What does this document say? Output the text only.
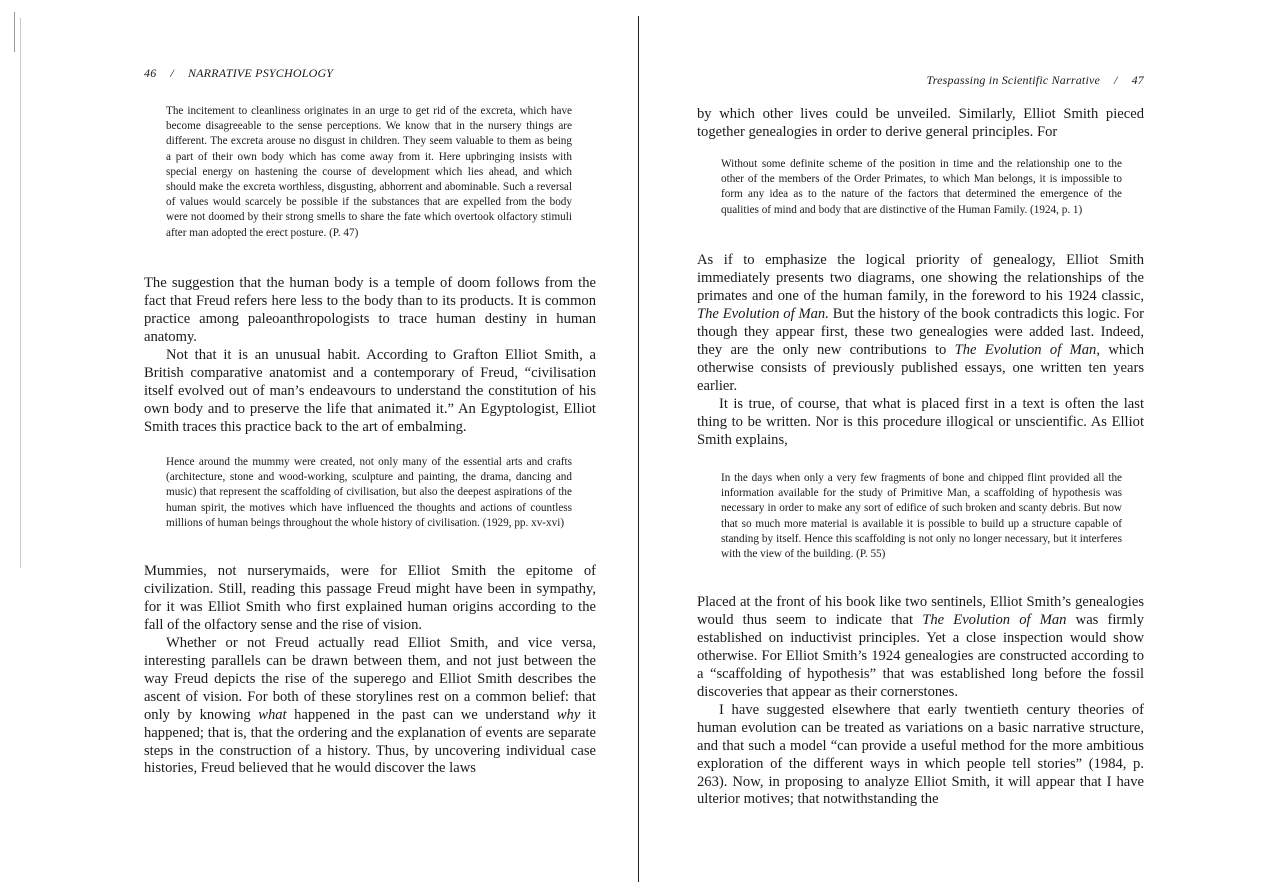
46 / NARRATIVE PSYCHOLOGY

The incitement to cleanliness originates in an urge to get rid of the excreta, which have become disagreeable to the sense perceptions. We know that in the nursery things are different. The excreta arouse no disgust in children. They seem valuable to them as being a part of their own body which has come away from it. Here upbringing insists with special energy on hastening the course of development which lies ahead, and which should make the excreta worthless, disgusting, abhorrent and abominable. Such a reversal of values would scarcely be possible if the substances that are expelled from the body were not doomed by their strong smells to share the fate which overtook olfactory stimuli after man adopted the erect posture. (P. 47)

The suggestion that the human body is a temple of doom follows from the fact that Freud refers here less to the body than to its products. It is common practice among paleoanthropologists to trace human destiny in human anatomy.

Not that it is an unusual habit. According to Grafton Elliot Smith, a British comparative anatomist and a contemporary of Freud, “civilisation itself evolved out of man’s endeavours to understand the constitution of his own body and to preserve the life that animated it.” An Egyptologist, Elliot Smith traces this practice back to the art of embalming.

Hence around the mummy were created, not only many of the essential arts and crafts (architecture, stone and wood-working, sculpture and painting, the drama, dancing and music) that represent the scaffolding of civilisation, but also the deepest aspirations of the human spirit, the motives which have influenced the thoughts and actions of countless millions of human beings throughout the whole history of civilisation. (1929, pp. xv-xvi)

Mummies, not nurserymaids, were for Elliot Smith the epitome of civilization. Still, reading this passage Freud might have been in sympathy, for it was Elliot Smith who first explained human origins according to the fall of the olfactory sense and the rise of vision.

Whether or not Freud actually read Elliot Smith, and vice versa, interesting parallels can be drawn between them, and not just between the way Freud depicts the rise of the superego and Elliot Smith describes the ascent of vision. For both of these storylines rest on a common belief: that only by knowing what happened in the past can we understand why it happened; that is, that the ordering and the explanation of events are separate steps in the construction of a history. Thus, by uncovering individual case histories, Freud believed that he would discover the laws

Trespassing in Scientific Narrative / 47

by which other lives could be unveiled. Similarly, Elliot Smith pieced together genealogies in order to derive general principles. For

Without some definite scheme of the position in time and the relationship one to the other of the members of the Order Primates, to which Man belongs, it is impossible to form any idea as to the nature of the factors that determined the emergence of the qualities of mind and body that are distinctive of the Human Family. (1924, p. 1)

As if to emphasize the logical priority of genealogy, Elliot Smith immediately presents two diagrams, one showing the relationships of the primates and one of the human family, in the foreword to his 1924 classic, The Evolution of Man. But the history of the book contradicts this logic. For though they appear first, these two genealogies were added last. Indeed, they are the only new contributions to The Evolution of Man, which otherwise consists of previously published essays, one written ten years earlier.

It is true, of course, that what is placed first in a text is often the last thing to be written. Nor is this procedure illogical or unscientific. As Elliot Smith explains,

In the days when only a very few fragments of bone and chipped flint provided all the information available for the study of Primitive Man, a scaffolding of hypothesis was necessary in order to make any sort of edifice of such broken and scanty debris. But now that so much more material is available it is possible to build up a structure capable of standing by itself. Hence this scaffolding is not only no longer necessary, but it interferes with the view of the building. (P. 55)

Placed at the front of his book like two sentinels, Elliot Smith’s genealogies would thus seem to indicate that The Evolution of Man was firmly established on inductivist principles. Yet a close inspection would show otherwise. For Elliot Smith’s 1924 genealogies are constructed according to a “scaffolding of hypothesis” that was established long before the fossil discoveries that appear as their cornerstones.

I have suggested elsewhere that early twentieth century theories of human evolution can be treated as variations on a basic narrative structure, and that such a model “can provide a useful method for the more ambitious exploration of the different ways in which people tell stories” (1984, p. 263). Now, in proposing to analyze Elliot Smith, it will appear that I have ulterior motives; that notwithstanding the
